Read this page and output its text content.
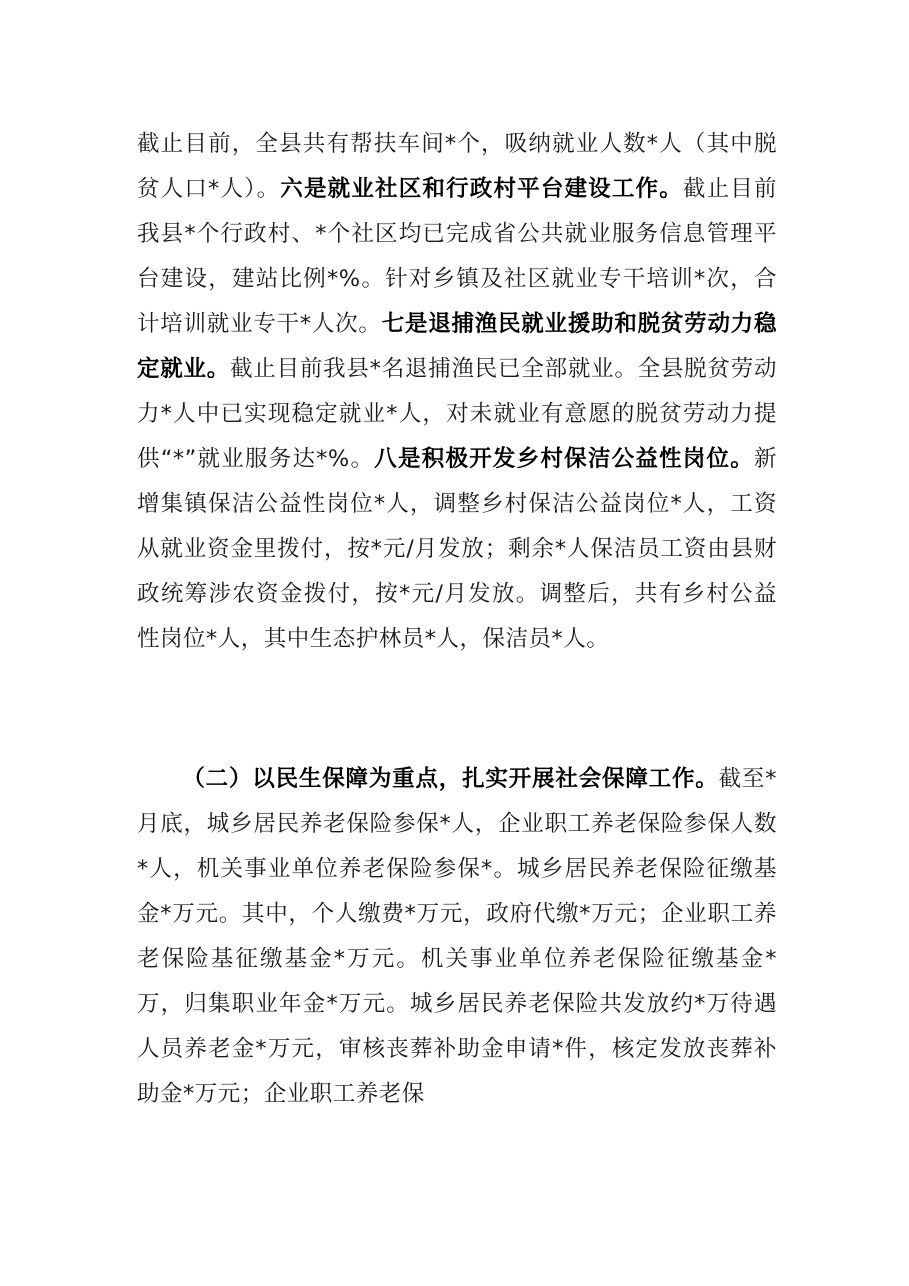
截止目前，全县共有帮扶车间*个，吸纳就业人数*人（其中脱贫人口*人）。六是就业社区和行政村平台建设工作。截止目前我县*个行政村、*个社区均已完成省公共就业服务信息管理平台建设，建站比例*%。针对乡镇及社区就业专干培训*次，合计培训就业专干*人次。七是退捕渔民就业援助和脱贫劳动力稳定就业。截止目前我县*名退捕渔民已全部就业。全县脱贫劳动力*人中已实现稳定就业*人，对未就业有意愿的脱贫劳动力提供“*”就业服务达*%。八是积极开发乡村保洁公益性岗位。新增集镇保洁公益性岗位*人，调整乡村保洁公益岗位*人，工资从就业资金里拨付，按*元/月发放；剩余*人保洁员工资由县财政统筹涉农资金拨付，按*元/月发放。调整后，共有乡村公益性岗位*人，其中生态护林员*人，保洁员*人。
（二）以民生保障为重点，扎实开展社会保障工作。截至*月底，城乡居民养老保险参保*人，企业职工养老保险参保人数*人，机关事业单位养老保险参保*。城乡居民养老保险征缴基金*万元。其中，个人缴费*万元，政府代缴*万元；企业职工养老保险基征缴基金*万元。机关事业单位养老保险征缴基金*万，归集职业年金*万元。城乡居民养老保险共发放约*万待遇人员养老金*万元，审核丧葬补助金申请*件，核定发放丧葬补助金*万元；企业职工养老保
